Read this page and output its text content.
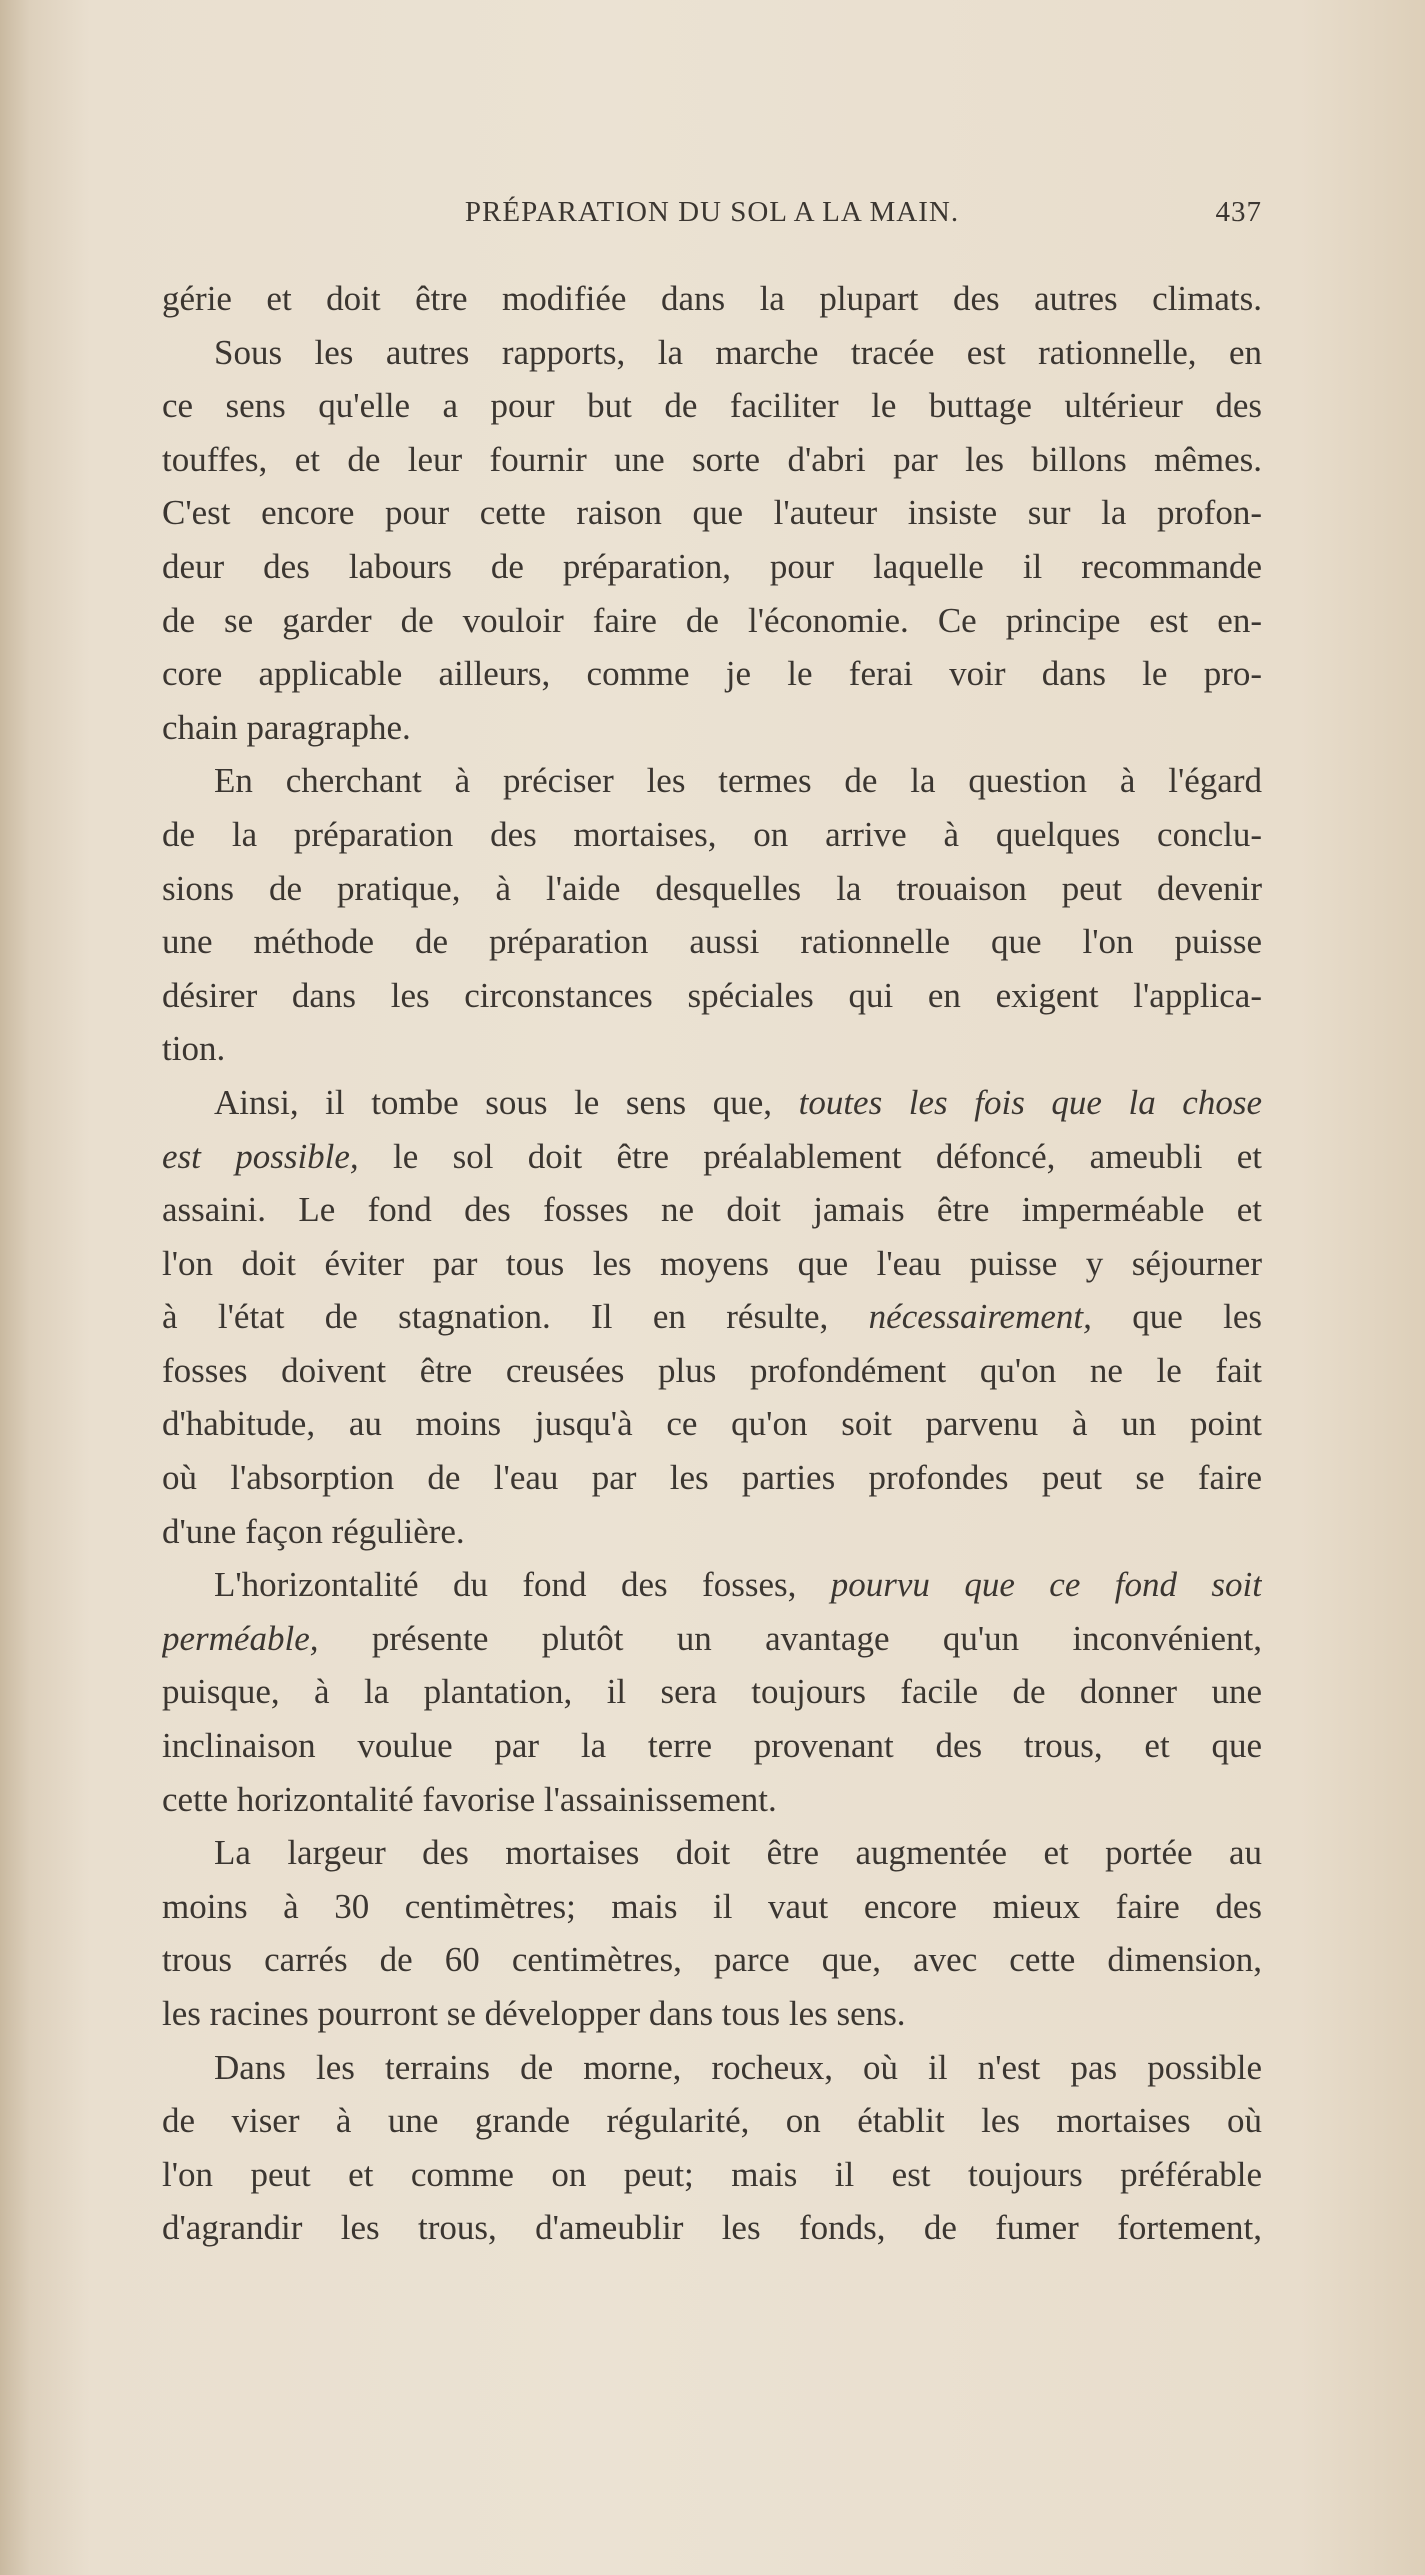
PRÉPARATION DU SOL A LA MAIN.	437
gérie et doit être modifiée dans la plupart des autres climats.
Sous les autres rapports, la marche tracée est rationnelle, en
ce sens qu'elle a pour but de faciliter le buttage ultérieur des
touffes, et de leur fournir une sorte d'abri par les billons mêmes.
C'est encore pour cette raison que l'auteur insiste sur la profon-
deur des labours de préparation, pour laquelle il recommande
de se garder de vouloir faire de l'économie. Ce principe est en-
core applicable ailleurs, comme je le ferai voir dans le pro-
chain paragraphe.
En cherchant à préciser les termes de la question à l'égard
de la préparation des mortaises, on arrive à quelques conclu-
sions de pratique, à l'aide desquelles la trouaison peut devenir
une méthode de préparation aussi rationnelle que l'on puisse
désirer dans les circonstances spéciales qui en exigent l'applica-
tion.
Ainsi, il tombe sous le sens que, toutes les fois que la chose
est possible, le sol doit être préalablement défoncé, ameubli et
assaini. Le fond des fosses ne doit jamais être imperméable et
l'on doit éviter par tous les moyens que l'eau puisse y séjourner
à l'état de stagnation. Il en résulte, nécessairement, que les
fosses doivent être creusées plus profondément qu'on ne le fait
d'habitude, au moins jusqu'à ce qu'on soit parvenu à un point
où l'absorption de l'eau par les parties profondes peut se faire
d'une façon régulière.
L'horizontalité du fond des fosses, pourvu que ce fond soit
perméable, présente plutôt un avantage qu'un inconvénient,
puisque, à la plantation, il sera toujours facile de donner une
inclinaison voulue par la terre provenant des trous, et que
cette horizontalité favorise l'assainissement.
La largeur des mortaises doit être augmentée et portée au
moins à 30 centimètres; mais il vaut encore mieux faire des
trous carrés de 60 centimètres, parce que, avec cette dimension,
les racines pourront se développer dans tous les sens.
Dans les terrains de morne, rocheux, où il n'est pas possible
de viser à une grande régularité, on établit les mortaises où
l'on peut et comme on peut; mais il est toujours préférable
d'agrandir les trous, d'ameublir les fonds, de fumer fortement,
